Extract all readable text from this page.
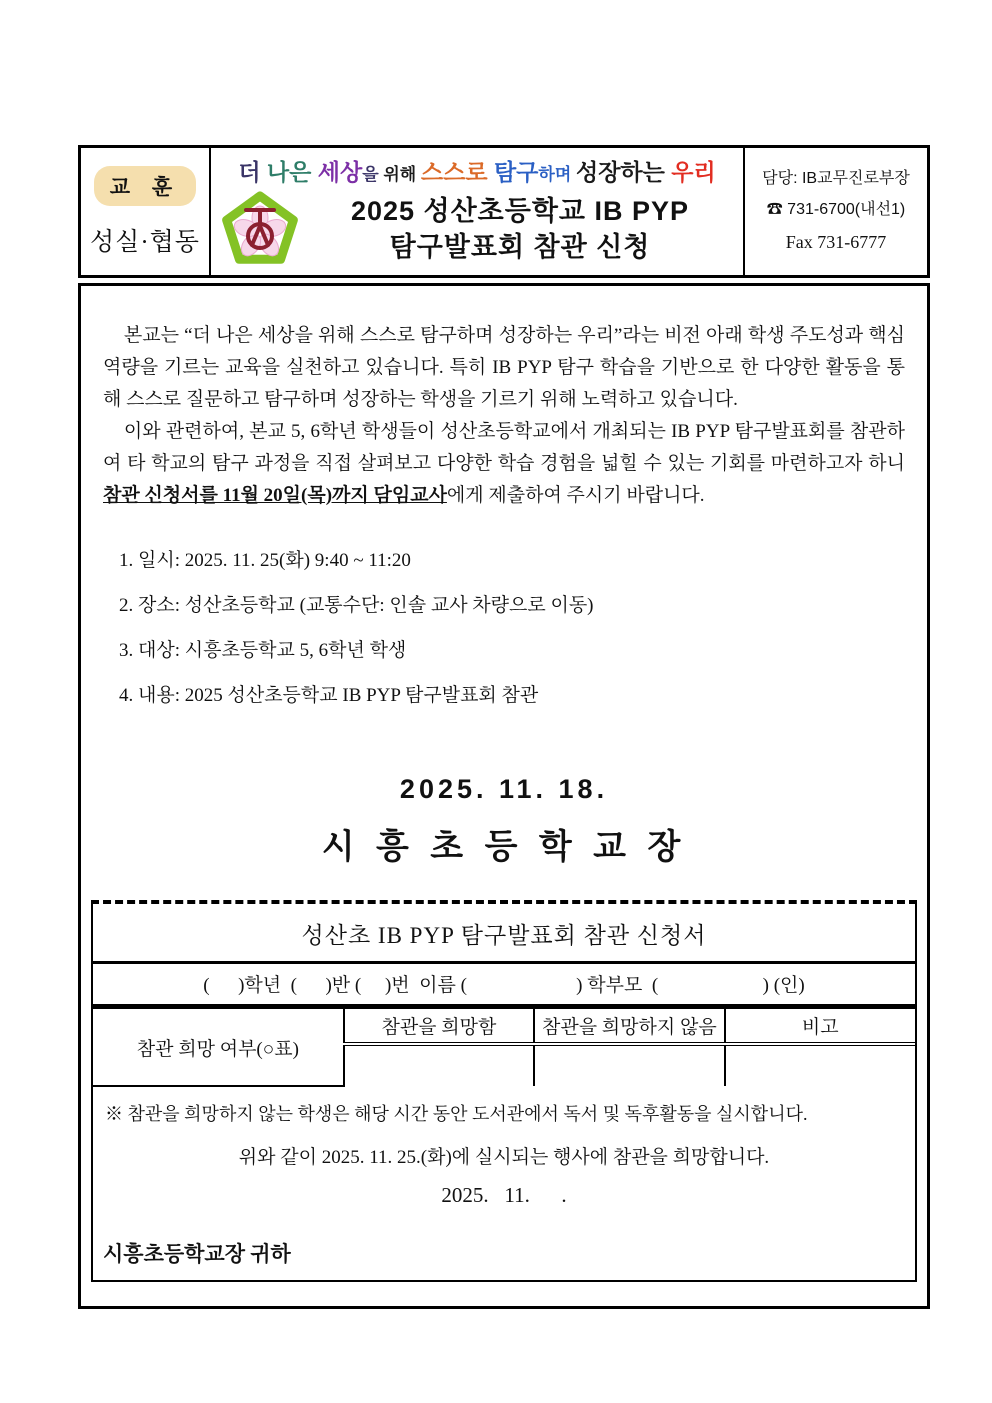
교 훈
성실·협동
더 나은 세상을 위해 스스로 탐구하며 성장하는 우리
2025 성산초등학교 IB PYP
탐구발표회 참관 신청
담당: IB교무진로부장
☎ 731-6700(내선1)
Fax 731-6777

본교는 “더 나은 세상을 위해 스스로 탐구하며 성장하는 우리”라는 비전 아래 학생 주도성과 핵심 역량을 기르는 교육을 실천하고 있습니다. 특히 IB PYP 탐구 학습을 기반으로 한 다양한 활동을 통해 스스로 질문하고 탐구하며 성장하는 학생을 기르기 위해 노력하고 있습니다.

이와 관련하여, 본교 5, 6학년 학생들이 성산초등학교에서 개최되는 IB PYP 탐구발표회를 참관하여 타 학교의 탐구 과정을 직접 살펴보고 다양한 학습 경험을 넓힐 수 있는 기회를 마련하고자 하니 참관 신청서를 11월 20일(목)까지 담임교사에게 제출하여 주시기 바랍니다.

1. 일시: 2025. 11. 25(화) 9:40 ~ 11:20
2. 장소: 성산초등학교 (교통수단: 인솔 교사 차량으로 이동)
3. 대상: 시흥초등학교 5, 6학년 학생
4. 내용: 2025 성산초등학교 IB PYP 탐구발표회 참관
2025. 11. 18.
시 흥 초 등 학 교 장
성산초 IB PYP 탐구발표회 참관 신청서
(      )학년  (      )반 (     )번  이름 (                       ) 학부모  (                      ) (인)
참관 희망 여부(○표)	참관을 희망함	참관을 희망하지 않음	비고

※ 참관을 희망하지 않는 학생은 해당 시간 동안 도서관에서 독서 및 독후활동을 실시합니다.
위와 같이 2025. 11. 25.(화)에 실시되는 행사에 참관을 희망합니다.
2025.   11.      .
시흥초등학교장 귀하
